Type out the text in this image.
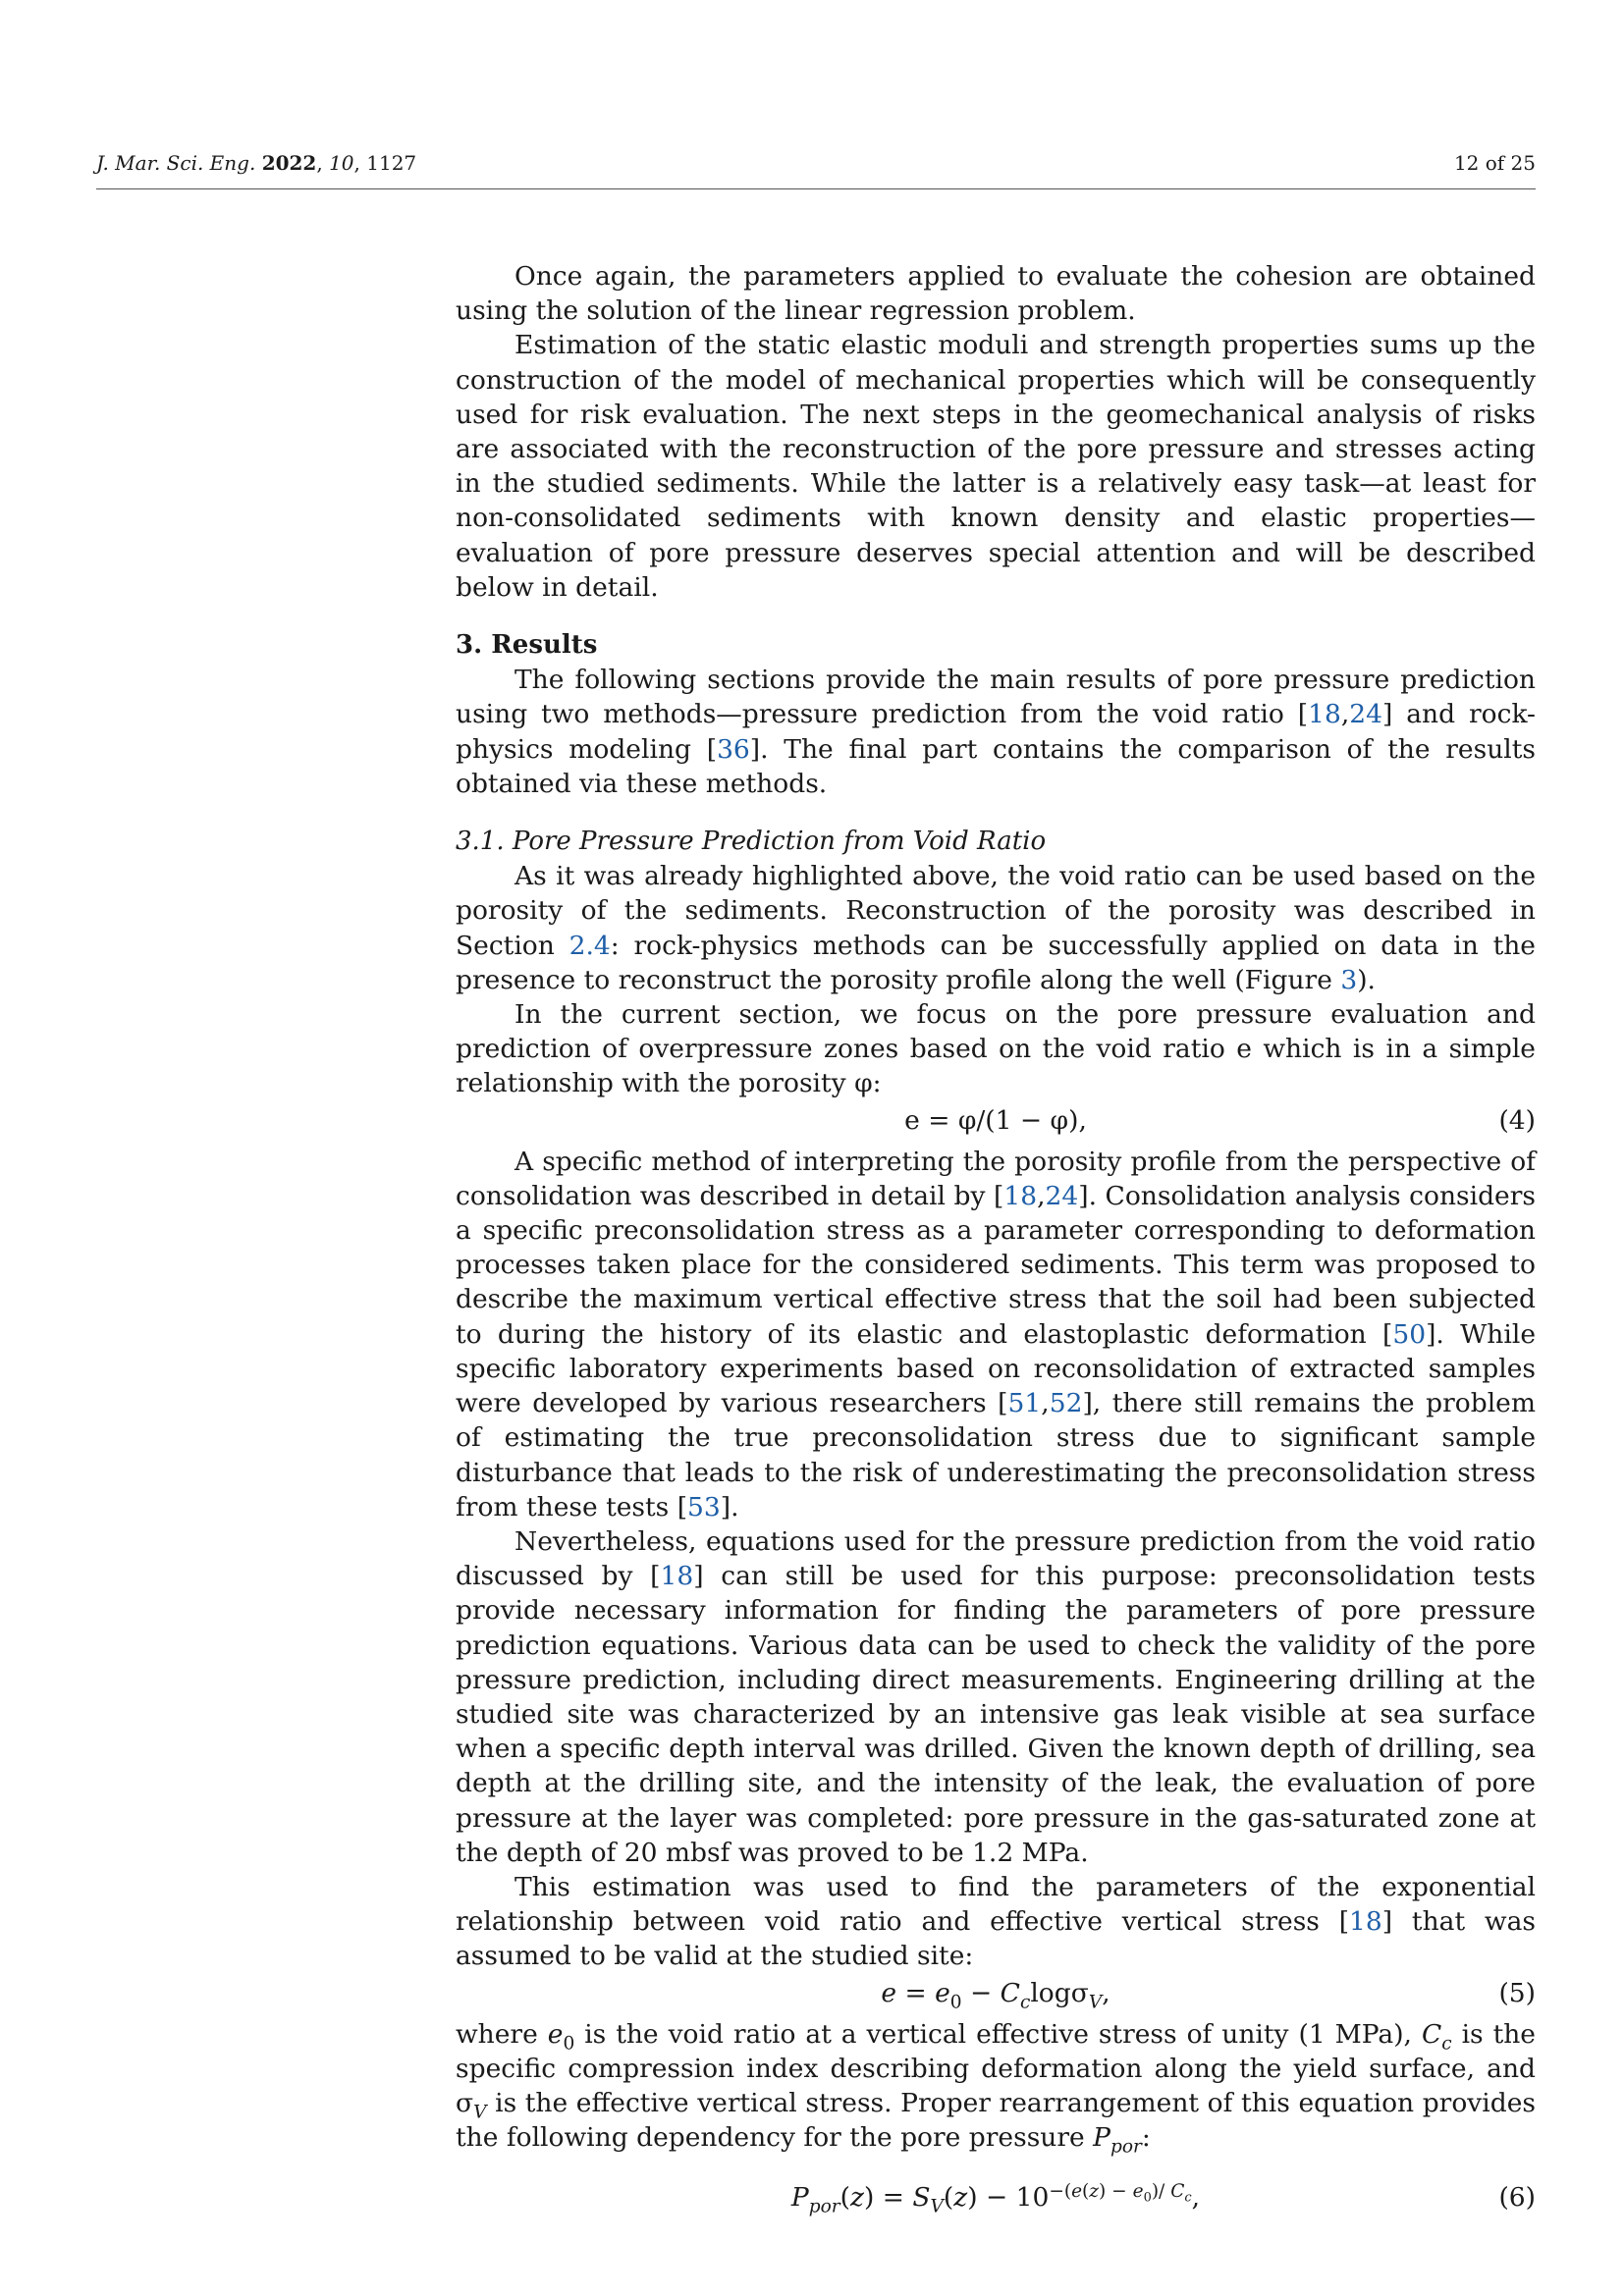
J. Mar. Sci. Eng. 2022, 10, 1127	12 of 25

Once again, the parameters applied to evaluate the cohesion are obtained using the solution of the linear regression problem.

Estimation of the static elastic moduli and strength properties sums up the construction of the model of mechanical properties which will be consequently used for risk evaluation. The next steps in the geomechanical analysis of risks are associated with the reconstruction of the pore pressure and stresses acting in the studied sediments. While the latter is a relatively easy task—at least for non-consolidated sediments with known density and elastic properties—evaluation of pore pressure deserves special attention and will be described below in detail.

3. Results

The following sections provide the main results of pore pressure prediction using two methods—pressure prediction from the void ratio [18,24] and rock-physics modeling [36]. The final part contains the comparison of the results obtained via these methods.

3.1. Pore Pressure Prediction from Void Ratio

As it was already highlighted above, the void ratio can be used based on the porosity of the sediments. Reconstruction of the porosity was described in Section 2.4: rock-physics methods can be successfully applied on data in the presence to reconstruct the porosity profile along the well (Figure 3).

In the current section, we focus on the pore pressure evaluation and prediction of overpressure zones based on the void ratio e which is in a simple relationship with the porosity φ:

e = φ/(1 − φ),	(4)

A specific method of interpreting the porosity profile from the perspective of consolidation was described in detail by [18,24]. Consolidation analysis considers a specific preconsolidation stress as a parameter corresponding to deformation processes taken place for the considered sediments. This term was proposed to describe the maximum vertical effective stress that the soil had been subjected to during the history of its elastic and elastoplastic deformation [50]. While specific laboratory experiments based on reconsolidation of extracted samples were developed by various researchers [51,52], there still remains the problem of estimating the true preconsolidation stress due to significant sample disturbance that leads to the risk of underestimating the preconsolidation stress from these tests [53].

Nevertheless, equations used for the pressure prediction from the void ratio discussed by [18] can still be used for this purpose: preconsolidation tests provide necessary information for finding the parameters of pore pressure prediction equations. Various data can be used to check the validity of the pore pressure prediction, including direct measurements. Engineering drilling at the studied site was characterized by an intensive gas leak visible at sea surface when a specific depth interval was drilled. Given the known depth of drilling, sea depth at the drilling site, and the intensity of the leak, the evaluation of pore pressure at the layer was completed: pore pressure in the gas-saturated zone at the depth of 20 mbsf was proved to be 1.2 MPa.

This estimation was used to find the parameters of the exponential relationship between void ratio and effective vertical stress [18] that was assumed to be valid at the studied site:

$e = e_0 - C_c\log\sigma_V$,	(5)

where $e_0$ is the void ratio at a vertical effective stress of unity (1 MPa), $C_c$ is the specific compression index describing deformation along the yield surface, and $\sigma_V$ is the effective vertical stress. Proper rearrangement of this equation provides the following dependency for the pore pressure $P_{por}$:

$P_{por}(z) = S_V(z) - 10^{-(e(z) - e_0)/ C_c}$,	(6)
